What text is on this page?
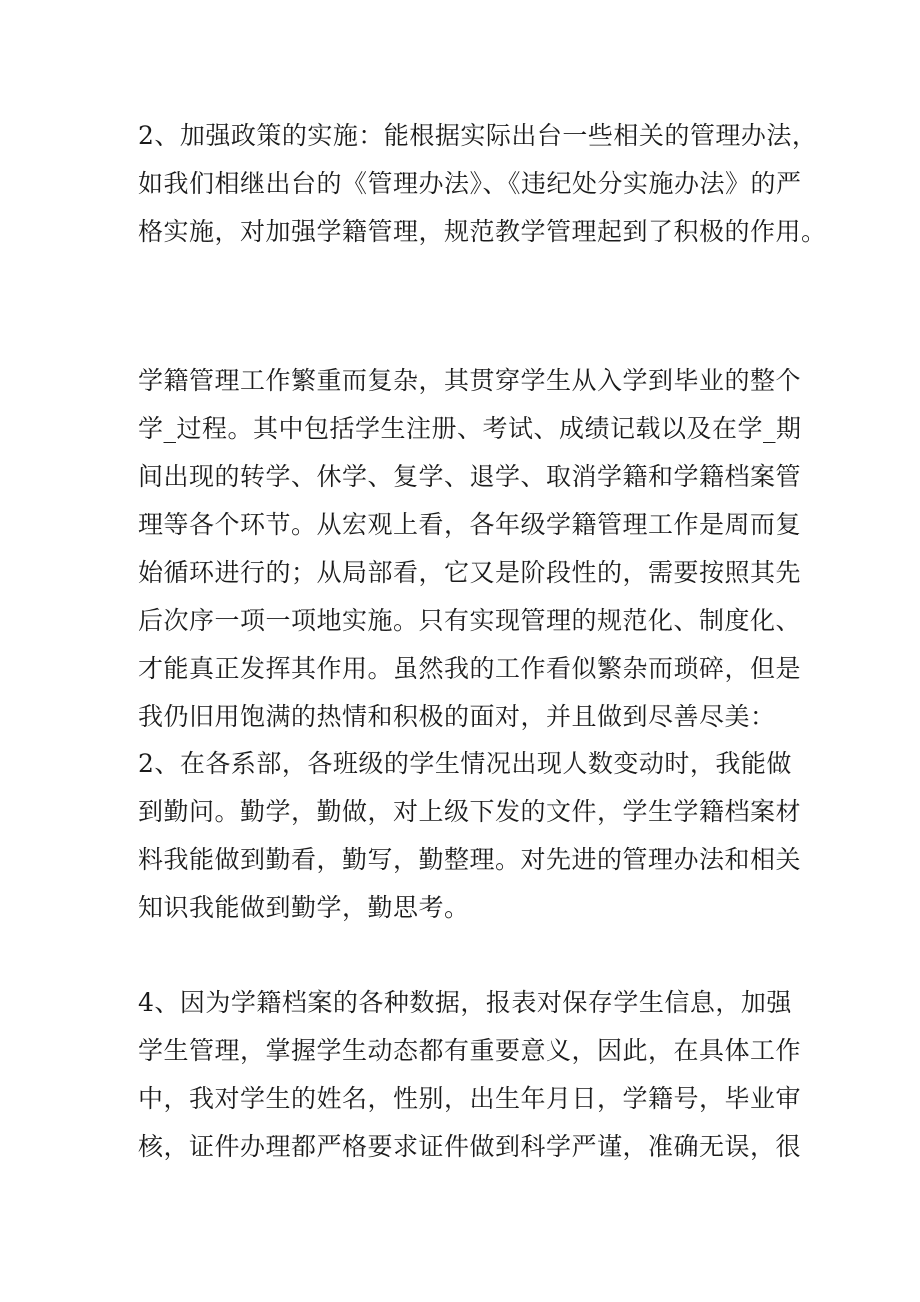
2、加强政策的实施：能根据实际出台一些相关的管理办法，
如我们相继出台的《管理办法》、《违纪处分实施办法》的严
格实施，对加强学籍管理，规范教学管理起到了积极的作用。

学籍管理工作繁重而复杂，其贯穿学生从入学到毕业的整个
学_过程。其中包括学生注册、考试、成绩记载以及在学_期
间出现的转学、休学、复学、退学、取消学籍和学籍档案管
理等各个环节。从宏观上看，各年级学籍管理工作是周而复
始循环进行的；从局部看，它又是阶段性的，需要按照其先
后次序一项一项地实施。只有实现管理的规范化、制度化、
才能真正发挥其作用。虽然我的工作看似繁杂而琐碎，但是
我仍旧用饱满的热情和积极的面对，并且做到尽善尽美：

2、在各系部，各班级的学生情况出现人数变动时，我能做
到勤问。勤学，勤做，对上级下发的文件，学生学籍档案材
料我能做到勤看，勤写，勤整理。对先进的管理办法和相关
知识我能做到勤学，勤思考。

4、因为学籍档案的各种数据，报表对保存学生信息，加强
学生管理，掌握学生动态都有重要意义，因此，在具体工作
中，我对学生的姓名，性别，出生年月日，学籍号，毕业审
核，证件办理都严格要求证件做到科学严谨，准确无误，很
